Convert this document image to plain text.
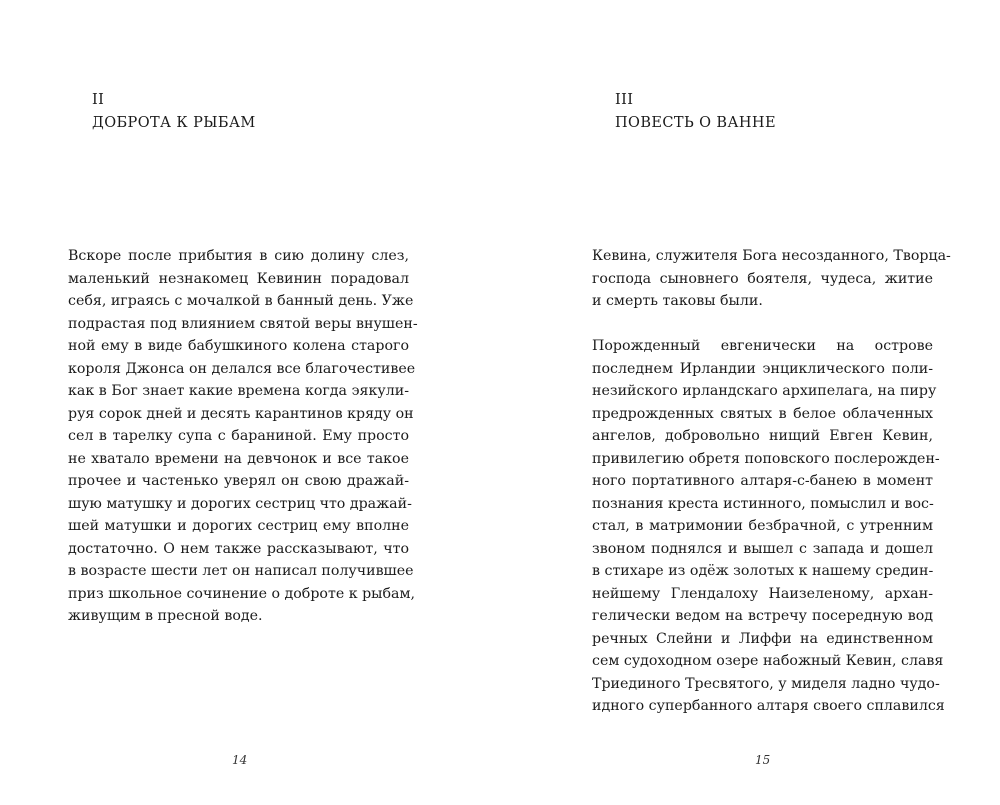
II
ДОБРОТА К РЫБАМ
Вскоре после прибытия в сию долину слез,
маленький незнакомец Кевинин порадовал
себя, играясь с мочалкой в банный день. Уже
подрастая под влиянием святой веры внушен-
ной ему в виде бабушкиного колена старого
короля Джонса он делался все благочестивее
как в Бог знает какие времена когда эякули-
руя сорок дней и десять карантинов кряду он
сел в тарелку супа с бараниной. Ему просто
не хватало времени на девчонок и все такое
прочее и частенько уверял он свою дражай-
шую матушку и дорогих сестриц что дражай-
шей матушки и дорогих сестриц ему вполне
достаточно. О нем также рассказывают, что
в возрасте шести лет он написал получившее
приз школьное сочинение о доброте к рыбам,
живущим в пресной воде.
14
III
ПОВЕСТЬ О ВАННЕ
Кевина, служителя Бога несозданного, Творца-
господа сыновнего боятеля, чудеса, житие
и смерть таковы были.
Порожденный евгенически на острове
последнем Ирландии энциклического поли-
незийского ирландскаго архипелага, на пиру
предрожденных святых в белое облаченных
ангелов, добровольно нищий Евген Кевин,
привилегию обретя поповского послерожден-
ного портативного алтаря-с-банею в момент
познания креста истинного, помыслил и вос-
стал, в матримонии безбрачной, с утренним
звоном поднялся и вышел с запада и дошел
в стихаре из одёж золотых к нашему средин-
нейшему Глендалоху Наизеленому, архан-
гелически ведом на встречу посередную вод
речных Слейни и Лиффи на единственном
сем судоходном озере набожный Кевин, славя
Триединого Тресвятого, у миделя ладно чудо-
идного супербанного алтаря своего сплавился
15
